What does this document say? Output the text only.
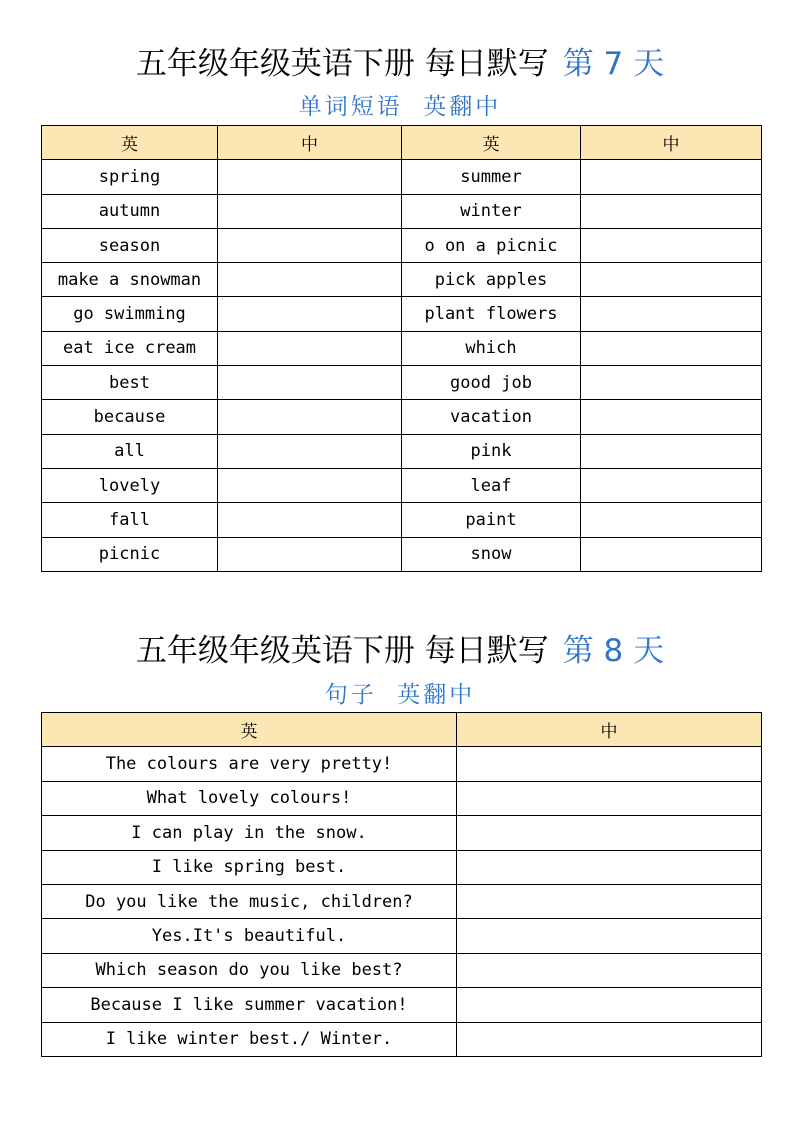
五年级年级英语下册 每日默写 第 7 天
单词短语  英翻中
英	中	英	中
spring		summer	
autumn		winter	
season		o on a picnic	
make a snowman		pick apples	
go swimming		plant flowers	
eat ice cream		which	
best		good job	
because		vacation	
all		pink	
lovely		leaf	
fall		paint	
picnic		snow	
五年级年级英语下册 每日默写 第 8 天
句子  英翻中
英	中
The colours are very pretty!	
What lovely colours!	
I can play in the snow.	
I like spring best.	
Do you like the music, children?	
Yes.It's beautiful.	
Which season do you like best?	
Because I like summer vacation!	
I like winter best./ Winter.	
